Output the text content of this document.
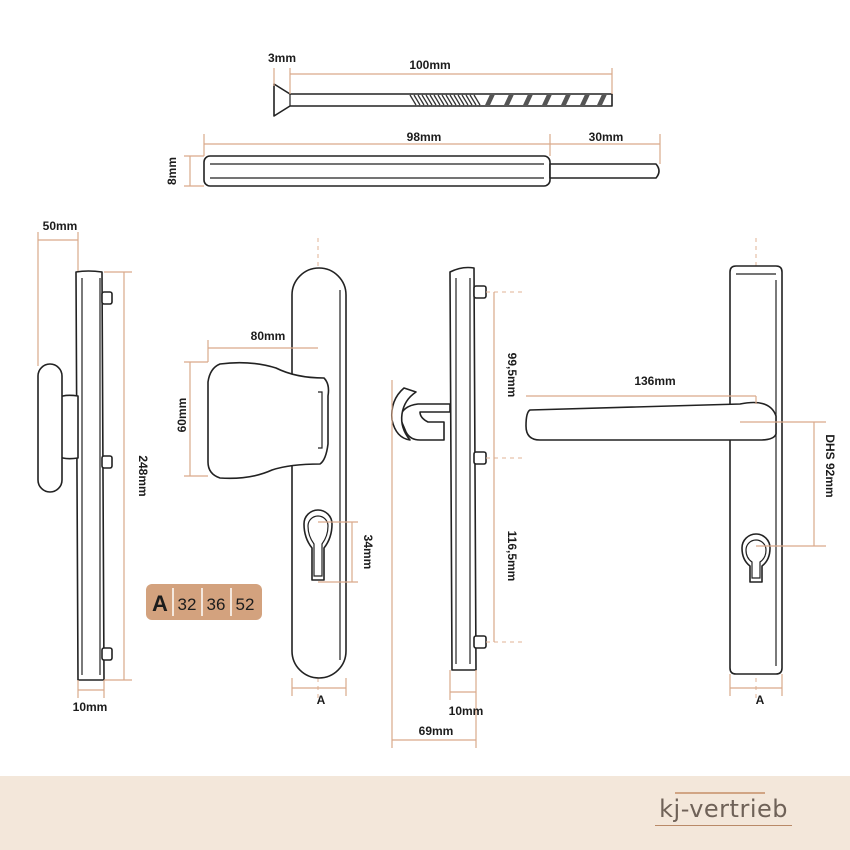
3mm	100mm
98mm	30mm
8mm
50mm
248mm
10mm
80mm
60mm
34mm
A
99,5mm
116,5mm
10mm
69mm
136mm
DHS 92mm
A
A 32 36 52
kj-vertrieb
